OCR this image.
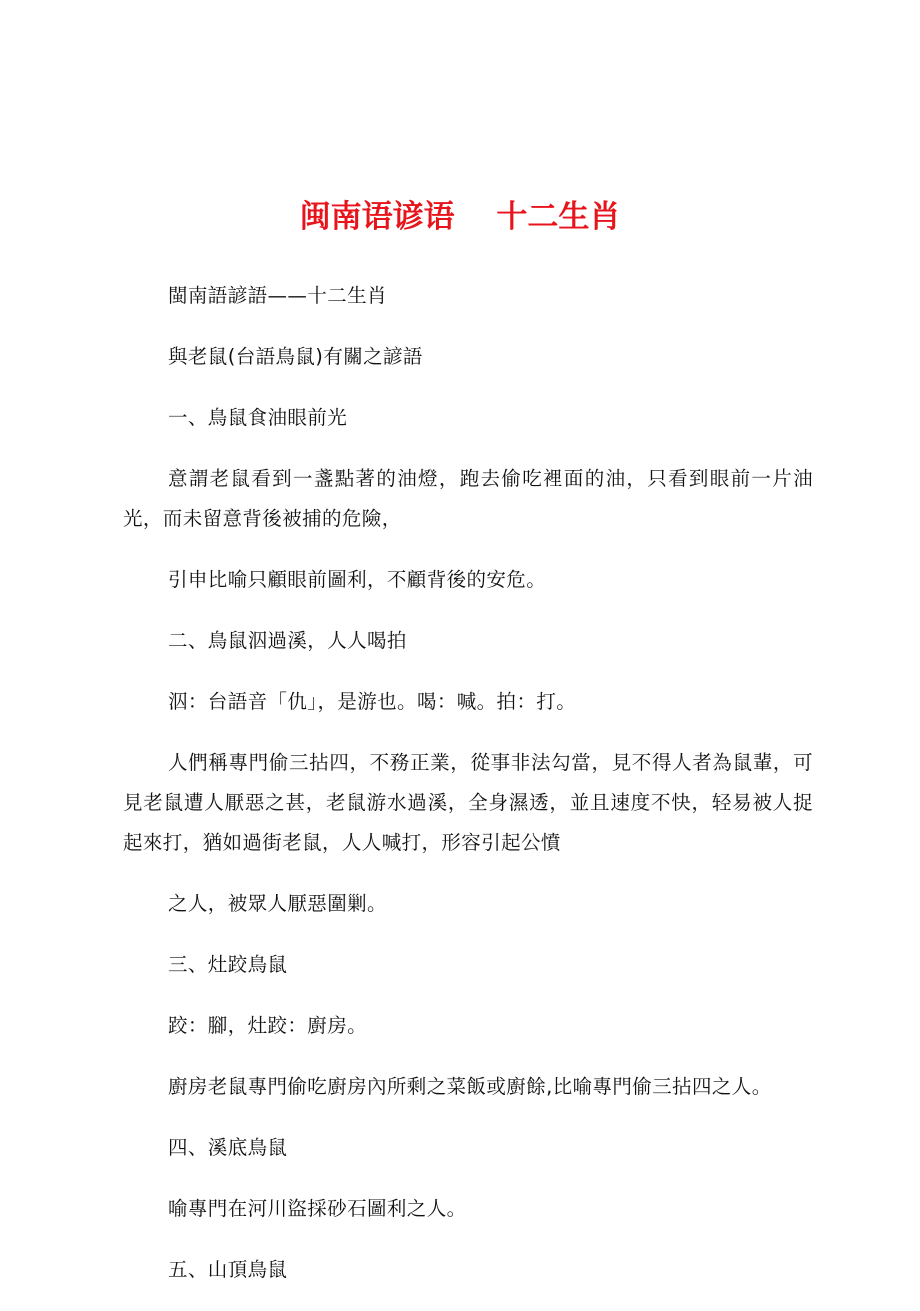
闽南语谚语　 十二生肖

閩南語諺語——十二生肖

與老鼠(台語鳥鼠)有關之諺語

一、鳥鼠食油眼前光

意謂老鼠看到一盞點著的油燈，跑去偷吃裡面的油，只看到眼前一片油光，而未留意背後被捕的危險，

引申比喻只顧眼前圖利，不顧背後的安危。

二、鳥鼠泅過溪，人人喝拍

泅：台語音「仇」，是游也。喝：喊。拍：打。

人們稱專門偷三拈四，不務正業，從事非法勾當，見不得人者為鼠輩，可見老鼠遭人厭惡之甚，老鼠游水過溪，全身濕透，並且速度不快，轻易被人捉起來打，猶如過街老鼠，人人喊打，形容引起公憤

之人，被眾人厭惡圍剿。

三、灶跤鳥鼠

跤：腳，灶跤：廚房。

廚房老鼠專門偷吃廚房內所剩之菜飯或廚餘,比喻專門偷三拈四之人。

四、溪底鳥鼠

喻專門在河川盜採砂石圖利之人。

五、山頂鳥鼠
